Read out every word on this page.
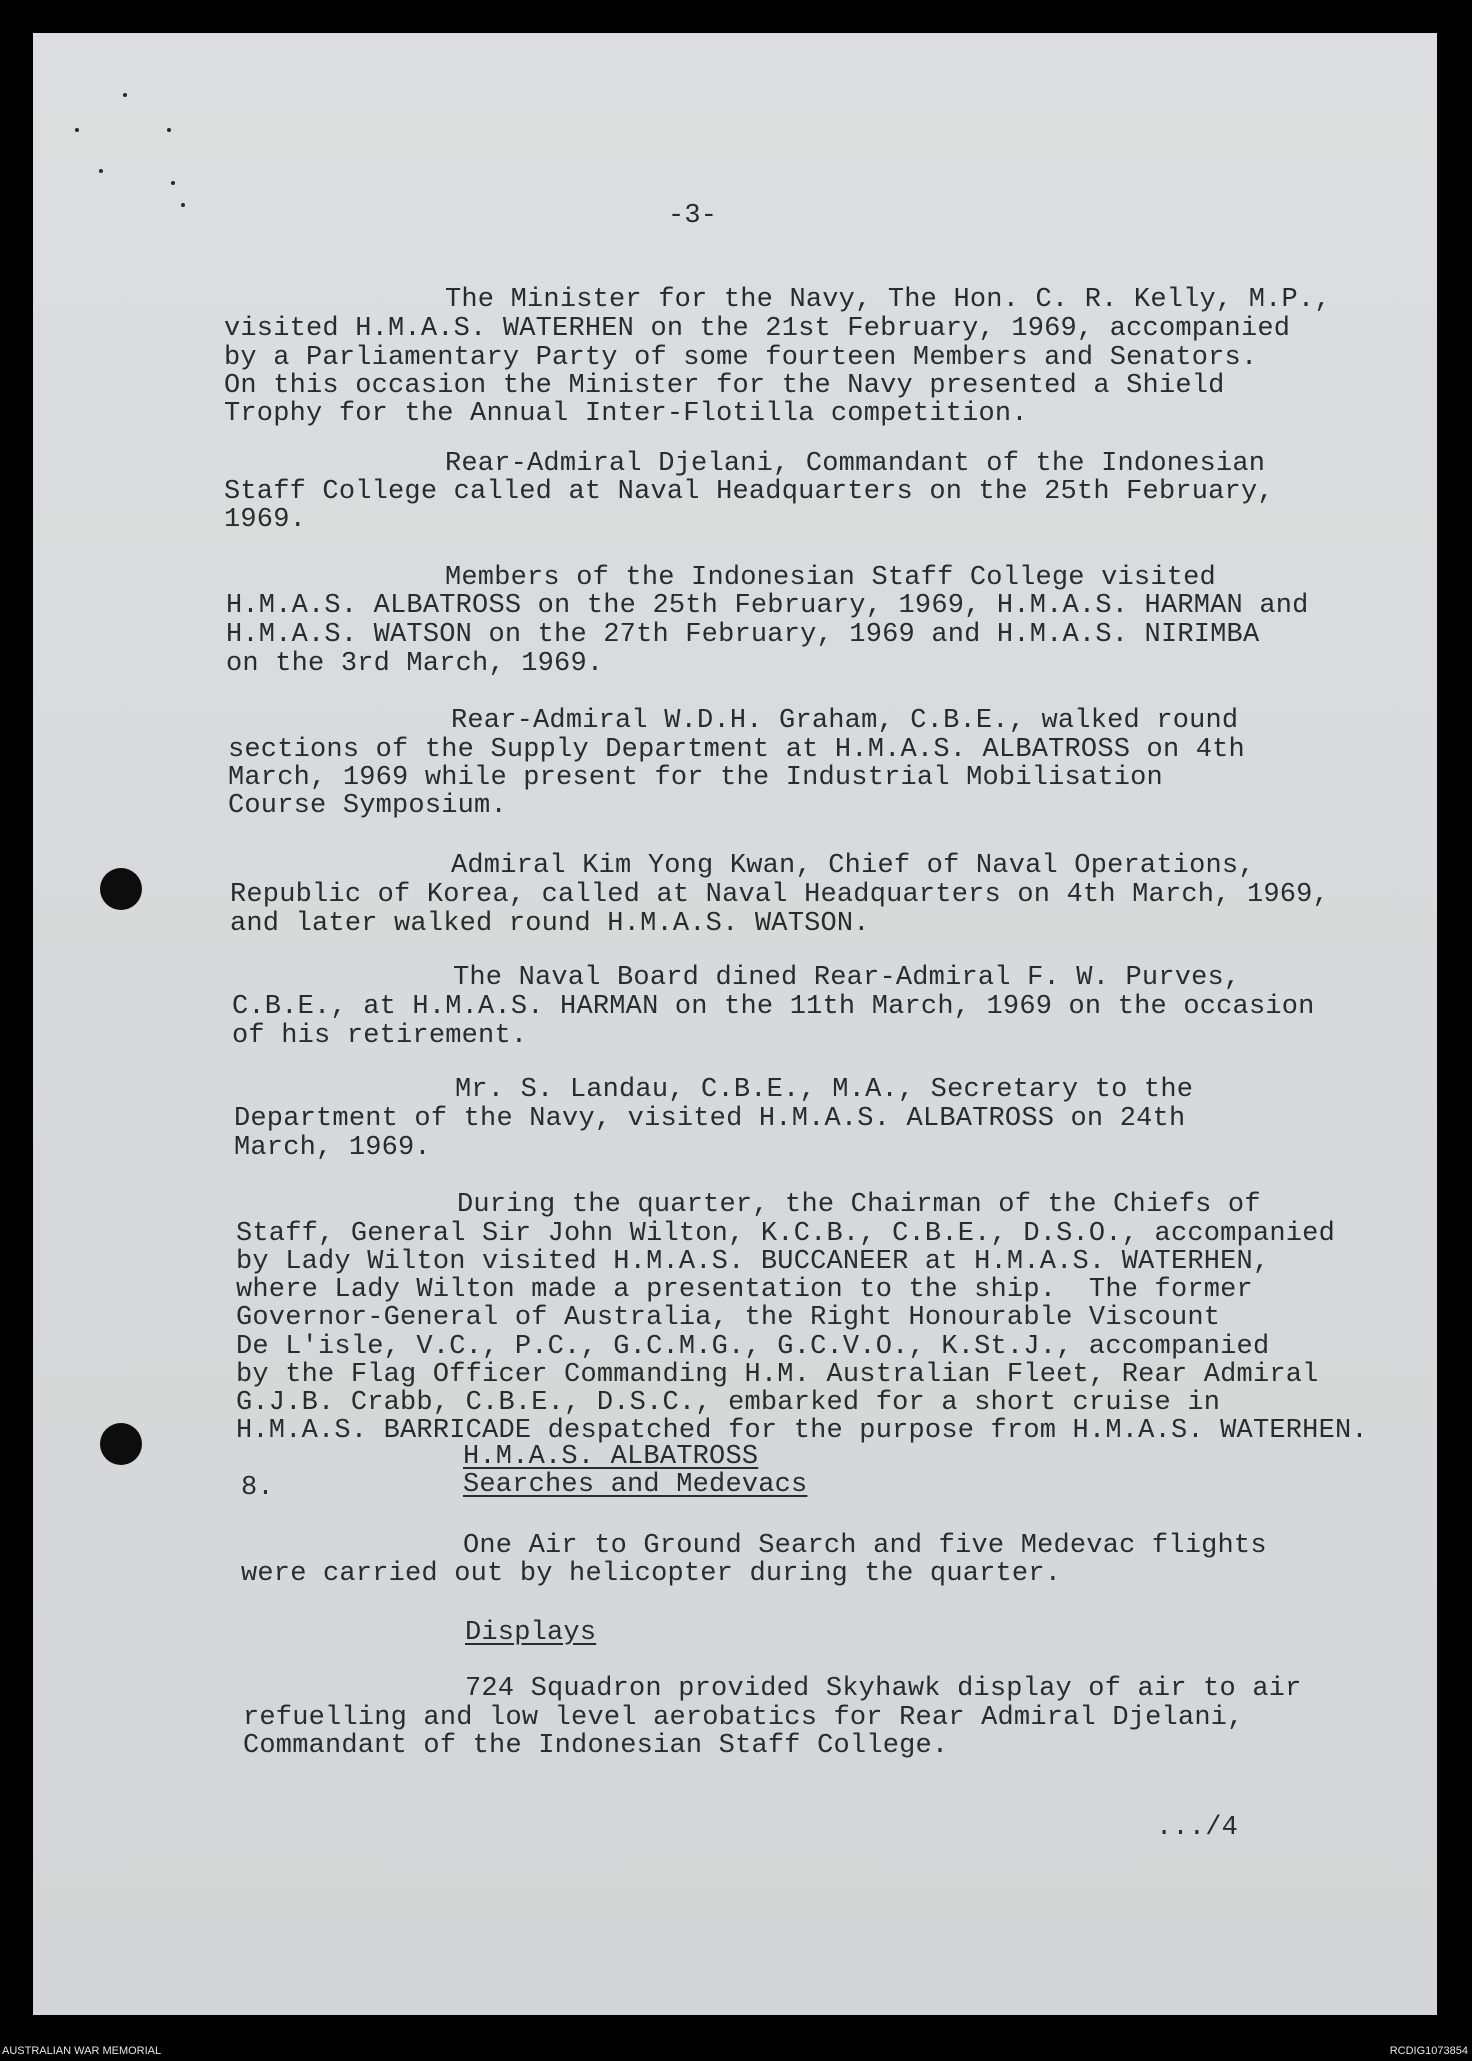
-3-

The Minister for the Navy, The Hon. C. R. Kelly, M.P.,

visited H.M.A.S. WATERHEN on the 21st February, 1969, accompanied

by a Parliamentary Party of some fourteen Members and Senators.

On this occasion the Minister for the Navy presented a Shield

Trophy for the Annual Inter-Flotilla competition.

Rear-Admiral Djelani, Commandant of the Indonesian

Staff College called at Naval Headquarters on the 25th February,

1969.

Members of the Indonesian Staff College visited

H.M.A.S. ALBATROSS on the 25th February, 1969, H.M.A.S. HARMAN and

H.M.A.S. WATSON on the 27th February, 1969 and H.M.A.S. NIRIMBA

on the 3rd March, 1969.

Rear-Admiral W.D.H. Graham, C.B.E., walked round

sections of the Supply Department at H.M.A.S. ALBATROSS on 4th

March, 1969 while present for the Industrial Mobilisation

Course Symposium.

Admiral Kim Yong Kwan, Chief of Naval Operations,

Republic of Korea, called at Naval Headquarters on 4th March, 1969,

and later walked round H.M.A.S. WATSON.

The Naval Board dined Rear-Admiral F. W. Purves,

C.B.E., at H.M.A.S. HARMAN on the 11th March, 1969 on the occasion

of his retirement.

Mr. S. Landau, C.B.E., M.A., Secretary to the

Department of the Navy, visited H.M.A.S. ALBATROSS on 24th

March, 1969.

During the quarter, the Chairman of the Chiefs of

Staff, General Sir John Wilton, K.C.B., C.B.E., D.S.O., accompanied

by Lady Wilton visited H.M.A.S. BUCCANEER at H.M.A.S. WATERHEN,

where Lady Wilton made a presentation to the ship.  The former

Governor-General of Australia, the Right Honourable Viscount

De L'isle, V.C., P.C., G.C.M.G., G.C.V.O., K.St.J., accompanied

by the Flag Officer Commanding H.M. Australian Fleet, Rear Admiral

G.J.B. Crabb, C.B.E., D.S.C., embarked for a short cruise in

H.M.A.S. BARRICADE despatched for the purpose from H.M.A.S. WATERHEN.

H.M.A.S. ALBATROSS

8.	Searches and Medevacs

One Air to Ground Search and five Medevac flights

were carried out by helicopter during the quarter.

Displays

724 Squadron provided Skyhawk display of air to air

refuelling and low level aerobatics for Rear Admiral Djelani,

Commandant of the Indonesian Staff College.

.../4

AUSTRALIAN WAR MEMORIAL	RCDIG1073854
